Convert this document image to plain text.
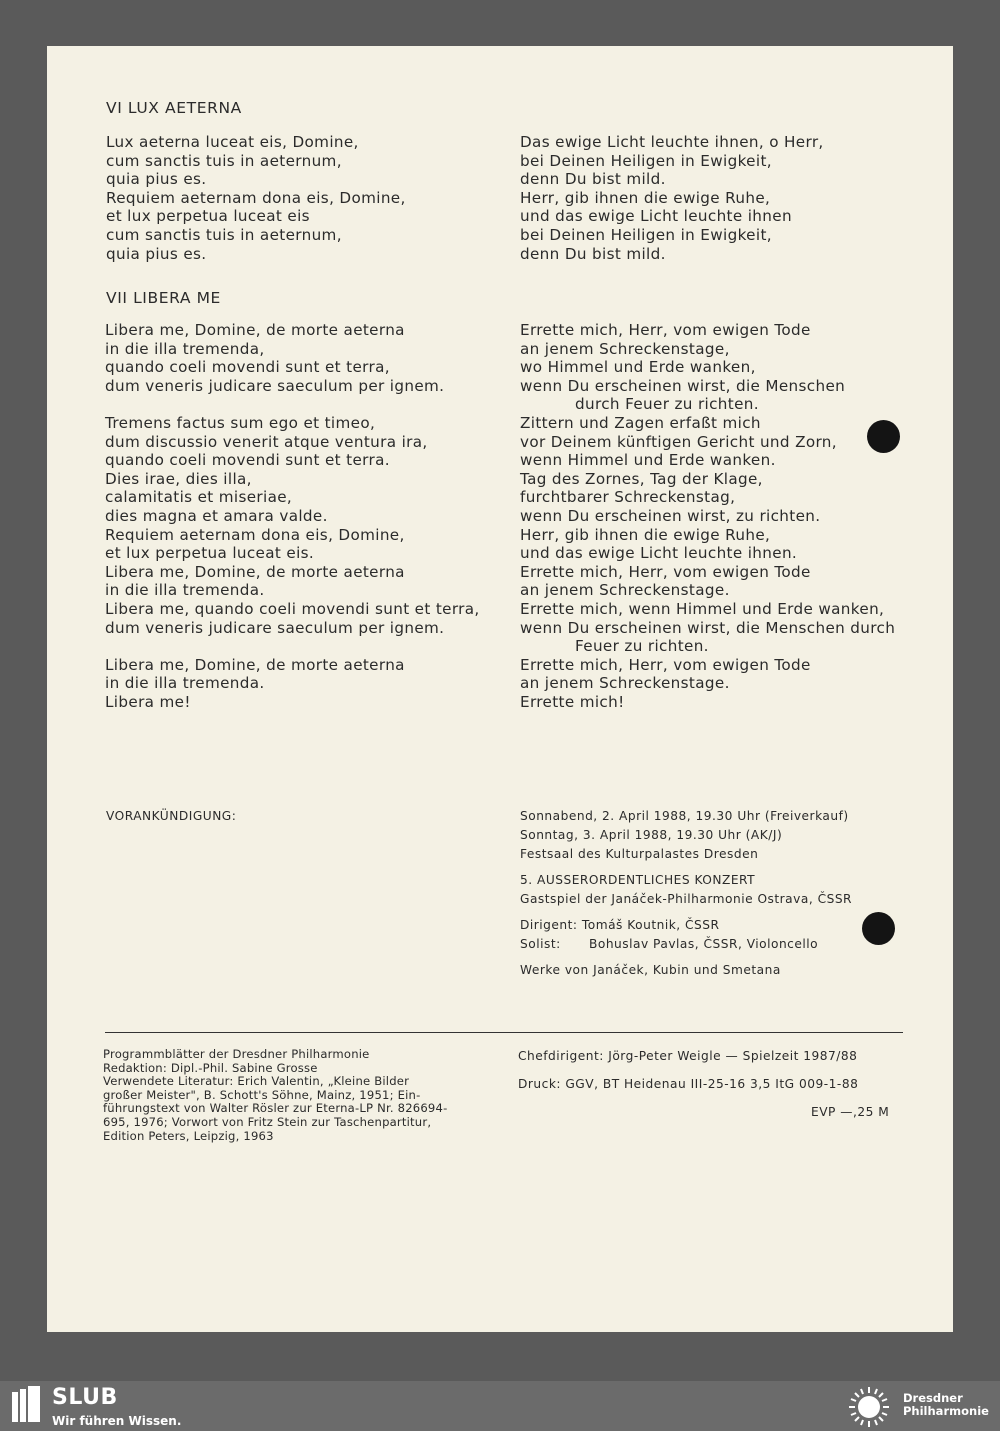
VI LUX AETERNA
Lux aeterna luceat eis, Domine,
cum sanctis tuis in aeternum,
quia pius es.
Requiem aeternam dona eis, Domine,
et lux perpetua luceat eis
cum sanctis tuis in aeternum,
quia pius es.
Das ewige Licht leuchte ihnen, o Herr,
bei Deinen Heiligen in Ewigkeit,
denn Du bist mild.
Herr, gib ihnen die ewige Ruhe,
und das ewige Licht leuchte ihnen
bei Deinen Heiligen in Ewigkeit,
denn Du bist mild.
VII LIBERA ME
Libera me, Domine, de morte aeterna
in die illa tremenda,
quando coeli movendi sunt et terra,
dum veneris judicare saeculum per ignem.

Tremens factus sum ego et timeo,
dum discussio venerit atque ventura ira,
quando coeli movendi sunt et terra.
Dies irae, dies illa,
calamitatis et miseriae,
dies magna et amara valde.
Requiem aeternam dona eis, Domine,
et lux perpetua luceat eis.
Libera me, Domine, de morte aeterna
in die illa tremenda.
Libera me, quando coeli movendi sunt et terra,
dum veneris judicare saeculum per ignem.

Libera me, Domine, de morte aeterna
in die illa tremenda.
Libera me!
Errette mich, Herr, vom ewigen Tode
an jenem Schreckenstage,
wo Himmel und Erde wanken,
wenn Du erscheinen wirst, die Menschen
durch Feuer zu richten.
Zittern und Zagen erfaßt mich
vor Deinem künftigen Gericht und Zorn,
wenn Himmel und Erde wanken.
Tag des Zornes, Tag der Klage,
furchtbarer Schreckenstag,
wenn Du erscheinen wirst, zu richten.
Herr, gib ihnen die ewige Ruhe,
und das ewige Licht leuchte ihnen.
Errette mich, Herr, vom ewigen Tode
an jenem Schreckenstage.
Errette mich, wenn Himmel und Erde wanken,
wenn Du erscheinen wirst, die Menschen durch
Feuer zu richten.
Errette mich, Herr, vom ewigen Tode
an jenem Schreckenstage.
Errette mich!
VORANKÜNDIGUNG:	Sonnabend, 2. April 1988, 19.30 Uhr (Freiverkauf)
Sonntag, 3. April 1988, 19.30 Uhr (AK/J)
Festsaal des Kulturpalastes Dresden
5. AUSSERORDENTLICHES KONZERT
Gastspiel der Janáček-Philharmonie Ostrava, ČSSR
Dirigent: Tomáš Koutnik, ČSSR
Solist: Bohuslav Pavlas, ČSSR, Violoncello
Werke von Janáček, Kubin und Smetana
Programmblätter der Dresdner Philharmonie
Redaktion: Dipl.-Phil. Sabine Grosse
Verwendete Literatur: Erich Valentin, „Kleine Bilder
großer Meister", B. Schott's Söhne, Mainz, 1951; Ein-
führungstext von Walter Rösler zur Eterna-LP Nr. 826694-
695, 1976; Vorwort von Fritz Stein zur Taschenpartitur,
Edition Peters, Leipzig, 1963
Chefdirigent: Jörg-Peter Weigle — Spielzeit 1987/88
Druck: GGV, BT Heidenau III-25-16 3,5 ItG 009-1-88
EVP —,25 M
SLUB
Wir führen Wissen.
Dresdner
Philharmonie
